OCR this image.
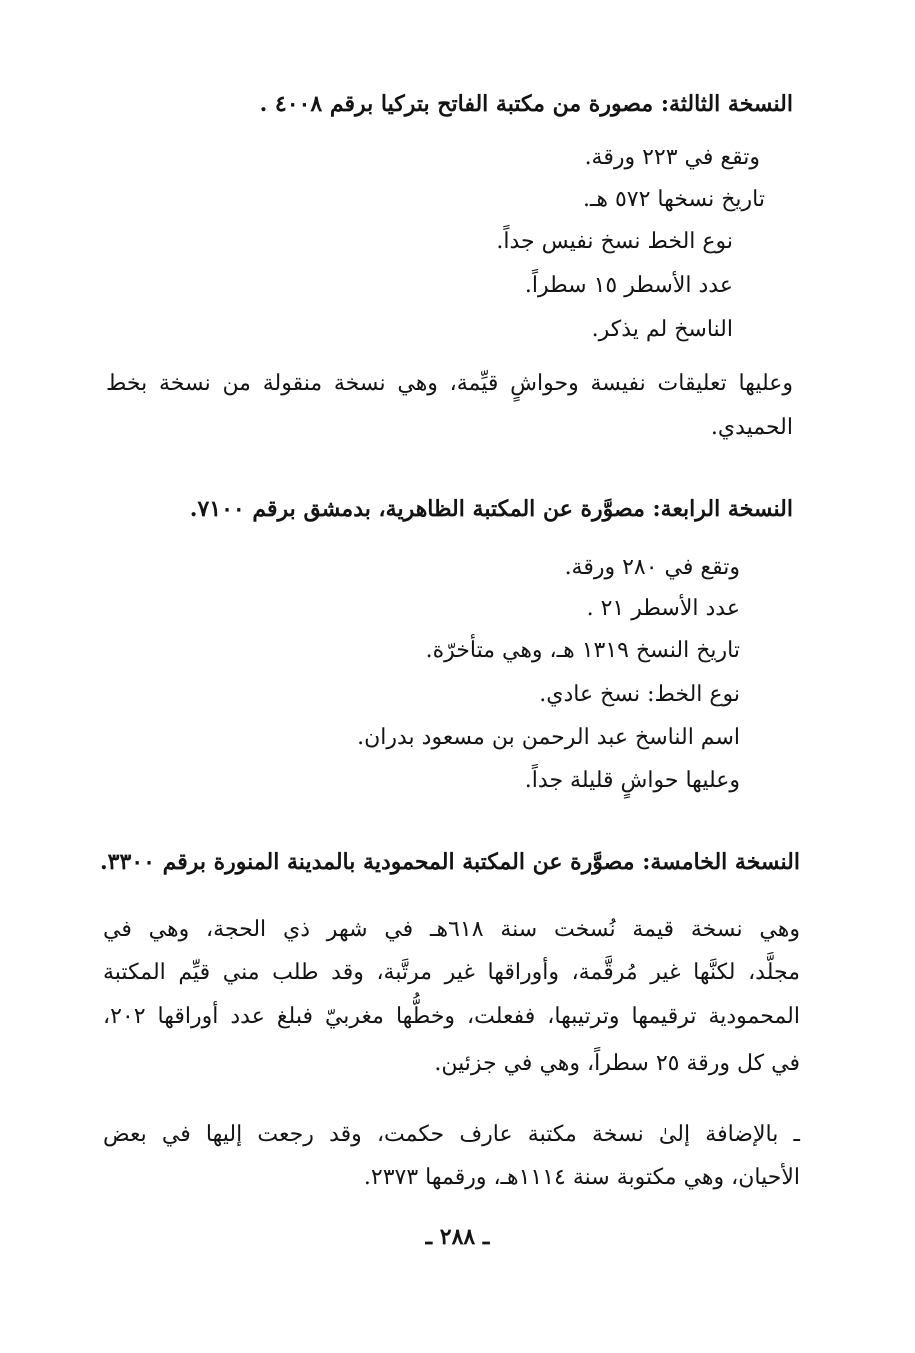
النسخة الثالثة: مصورة من مكتبة الفاتح بتركيا برقم ٤٠٠٨ .

وتقع في ٢٢٣ ورقة.

تاريخ نسخها ٥٧٢ هـ.

نوع الخط نسخ نفيس جداً.

عدد الأسطر ١٥ سطراً.

الناسخ لم يذكر.

وعليها تعليقات نفيسة وحواشٍ قيِّمة، وهي نسخة منقولة من نسخة بخط

الحميدي.

النسخة الرابعة: مصوَّرة عن المكتبة الظاهرية، بدمشق برقم ٧١٠٠.

وتقع في ٢٨٠ ورقة.

عدد الأسطر ٢١ .

تاريخ النسخ ١٣١٩ هـ، وهي متأخرّة.

نوع الخط: نسخ عادي.

اسم الناسخ عبد الرحمن بن مسعود بدران.

وعليها حواشٍ قليلة جداً.

النسخة الخامسة: مصوَّرة عن المكتبة المحمودية بالمدينة المنورة برقم ٣٣٠٠.

وهي نسخة قيمة نُسخت سنة ٦١٨هـ في شهر ذي الحجة، وهي في

مجلَّد، لكنَّها غير مُرقَّمة، وأوراقها غير مرتَّبة، وقد طلب مني قيِّم المكتبة

المحمودية ترقيمها وترتيبها، ففعلت، وخطُّها مغربيّ فبلغ عدد أوراقها ٢٠٢،

في كل ورقة ٢٥ سطراً، وهي في جزئين.

ـ بالإضافة إلىٰ نسخة مكتبة عارف حكمت، وقد رجعت إليها في بعض

الأحيان، وهي مكتوبة سنة ١١١٤هـ، ورقمها ٢٣٧٣.

ـ ٢٨٨ ـ
